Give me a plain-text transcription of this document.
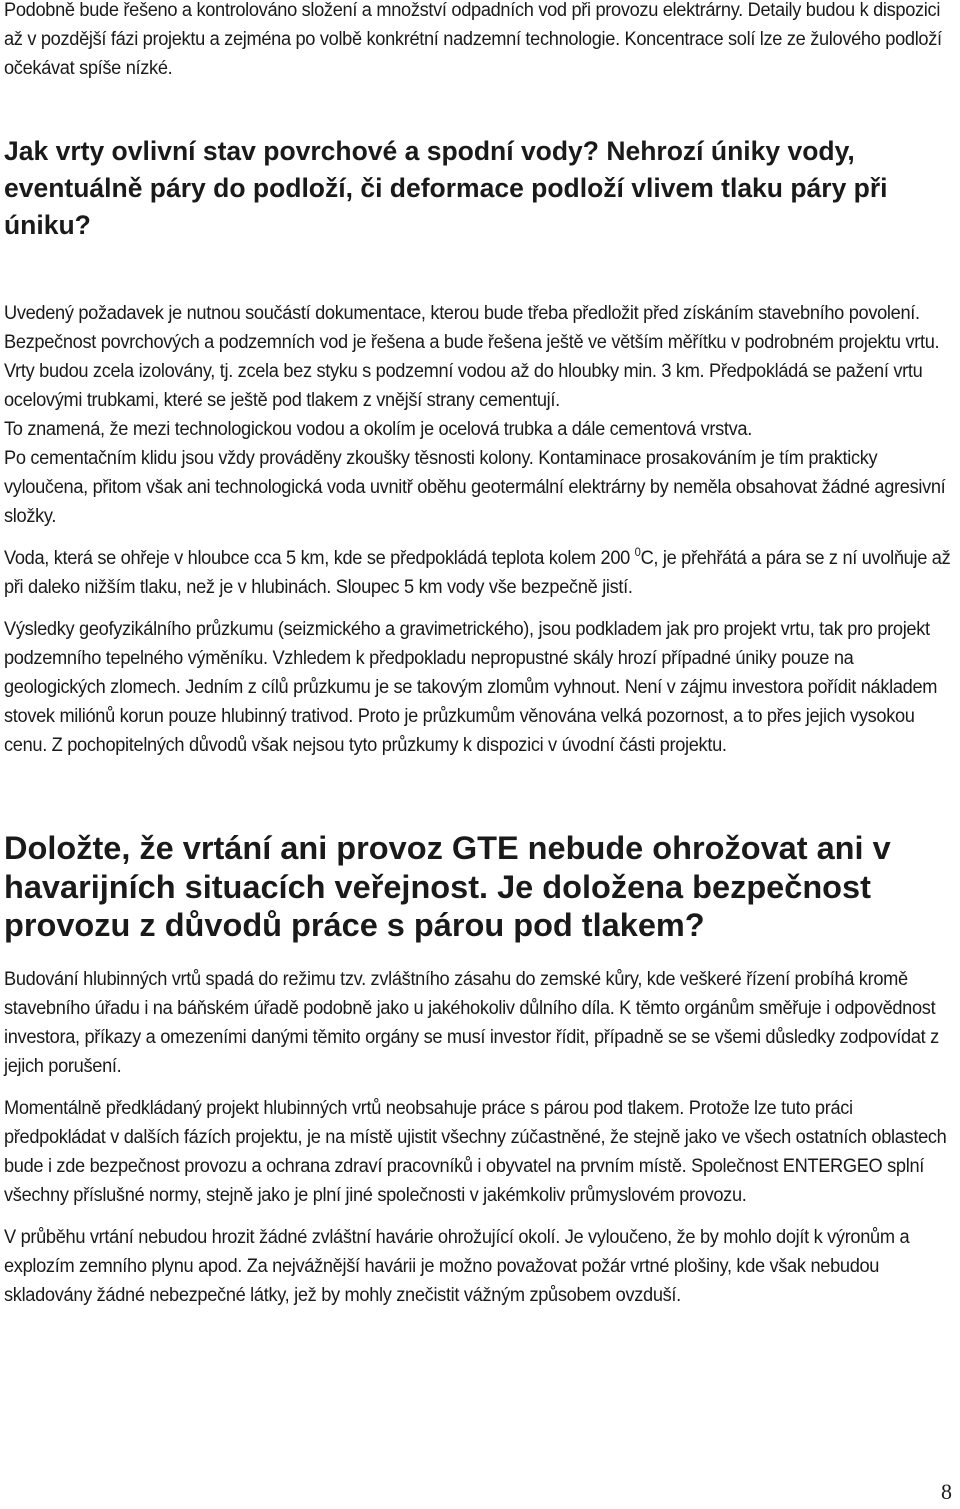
Podobně bude řešeno a kontrolováno složení a množství odpadních vod při provozu elektrárny. Detaily budou k dispozici až v pozdější fázi projektu a zejména po volbě konkrétní nadzemní technologie. Koncentrace solí lze ze žulového podloží očekávat spíše nízké.

Jak vrty ovlivní stav povrchové a spodní vody? Nehrozí úniky vody, eventuálně páry do podloží, či deformace podloží vlivem tlaku páry při úniku?

Uvedený požadavek je nutnou součástí dokumentace, kterou bude třeba předložit před získáním stavebního povolení. Bezpečnost povrchových a podzemních vod je řešena a bude řešena ještě ve větším měřítku v podrobném projektu vrtu. Vrty budou zcela izolovány, tj. zcela bez styku s podzemní vodou až do hloubky min. 3 km. Předpokládá se pažení vrtu ocelovými trubkami, které se ještě pod tlakem z vnější strany cementují.

To znamená, že mezi technologickou vodou a okolím je ocelová trubka a dále cementová vrstva.

Po cementačním klidu jsou vždy prováděny zkoušky těsnosti kolony. Kontaminace prosakováním je tím prakticky vyloučena, přitom však ani technologická voda uvnitř oběhu geotermální elektrárny by neměla obsahovat žádné agresivní složky.

Voda, která se ohřeje v hloubce cca 5 km, kde se předpokládá teplota kolem 200 $^0$C, je přehřátá a pára se z ní uvolňuje až při daleko nižším tlaku, než je v hlubinách. Sloupec 5 km vody vše bezpečně jistí.

Výsledky geofyzikálního průzkumu (seizmického a gravimetrického), jsou podkladem jak pro projekt vrtu, tak pro projekt podzemního tepelného výměníku. Vzhledem k předpokladu nepropustné skály hrozí případné úniky pouze na geologických zlomech. Jedním z cílů průzkumu je se takovým zlomům vyhnout. Není v zájmu investora pořídit nákladem stovek miliónů korun pouze hlubinný trativod. Proto je průzkumům věnována velká pozornost, a to přes jejich vysokou cenu. Z pochopitelných důvodů však nejsou tyto průzkumy k dispozici v úvodní části projektu.

Doložte, že vrtání ani provoz GTE nebude ohrožovat ani v havarijních situacích veřejnost. Je doložena bezpečnost provozu z důvodů práce s párou pod tlakem?

Budování hlubinných vrtů spadá do režimu tzv. zvláštního zásahu do zemské kůry, kde veškeré řízení probíhá kromě stavebního úřadu i na báňském úřadě podobně jako u jakéhokoliv důlního díla. K těmto orgánům směřuje i odpovědnost investora, příkazy a omezeními danými těmito orgány se musí investor řídit, případně se se všemi důsledky zodpovídat z jejich porušení.

Momentálně předkládaný projekt hlubinných vrtů neobsahuje práce s párou pod tlakem. Protože lze tuto práci předpokládat v dalších fázích projektu, je na místě ujistit všechny zúčastněné, že stejně jako ve všech ostatních oblastech bude i zde bezpečnost provozu a ochrana zdraví pracovníků i obyvatel na prvním místě. Společnost ENTERGEO splní všechny příslušné normy, stejně jako je plní jiné společnosti v jakémkoliv průmyslovém provozu.

V průběhu vrtání nebudou hrozit žádné zvláštní havárie ohrožující okolí. Je vyloučeno, že by mohlo dojít k výronům a explozím zemního plynu apod. Za nejvážnější havárii je možno považovat požár vrtné plošiny, kde však nebudou skladovány žádné nebezpečné látky, jež by mohly znečistit vážným způsobem ovzduší.

8
